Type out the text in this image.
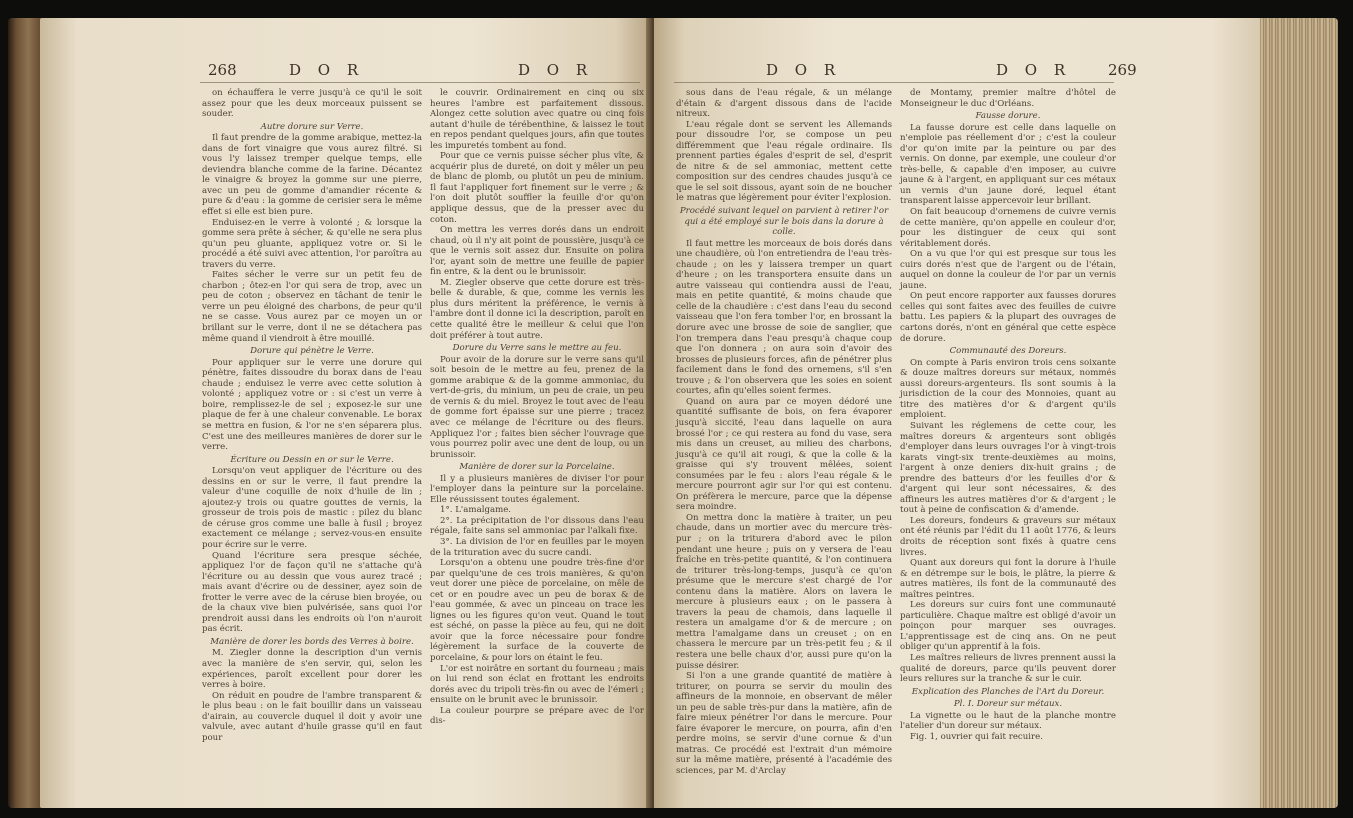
268	D O R	D O R

on échauffera le verre jusqu'à ce qu'il le soit assez pour que les deux morceaux puissent se souder.

Autre dorure sur Verre.

Il faut prendre de la gomme arabique, mettez-la dans de fort vinaigre que vous aurez filtré. Si vous l'y laissez tremper quelque temps, elle deviendra blanche comme de la farine. Décantez le vinaigre & broyez la gomme sur une pierre, avec un peu de gomme d'amandier récente & pure & d'eau : la gomme de cerisier sera le même effet si elle est bien pure.

Enduisez-en le verre à volonté ; & lorsque la gomme sera prête à sécher, & qu'elle ne sera plus qu'un peu gluante, appliquez votre or. Si le procédé a été suivi avec attention, l'or paroîtra au travers du verre.

Faites sécher le verre sur un petit feu de charbon ; ôtez-en l'or qui sera de trop, avec un peu de coton ; observez en tâchant de tenir le verre un peu éloigné des charbons, de peur qu'il ne se casse. Vous aurez par ce moyen un or brillant sur le verre, dont il ne se détachera pas même quand il viendroit à être mouillé.

Dorure qui pénètre le Verre.

Pour appliquer sur le verre une dorure qui pénètre, faites dissoudre du borax dans de l'eau chaude ; enduisez le verre avec cette solution à volonté ; appliquez votre or : si c'est un verre à boire, remplissez-le de sel ; exposez-le sur une plaque de fer à une chaleur convenable. Le borax se mettra en fusion, & l'or ne s'en séparera plus. C'est une des meilleures manières de dorer sur le verre.

Écriture ou Dessin en or sur le Verre.

Lorsqu'on veut appliquer de l'écriture ou des dessins en or sur le verre, il faut prendre la valeur d'une coquille de noix d'huile de lin ; ajoutez-y trois ou quatre gouttes de vernis, la grosseur de trois pois de mastic : pilez du blanc de céruse gros comme une balle à fusil ; broyez exactement ce mélange ; servez-vous-en ensuite pour écrire sur le verre.

Quand l'écriture sera presque séchée, appliquez l'or de façon qu'il ne s'attache qu'à l'écriture ou au dessin que vous aurez tracé ; mais avant d'écrire ou de dessiner, ayez soin de frotter le verre avec de la céruse bien broyée, ou de la chaux vive bien pulvérisée, sans quoi l'or prendroit aussi dans les endroits où l'on n'auroit pas écrit.

Manière de dorer les bords des Verres à boire.

M. Ziegler donne la description d'un vernis avec la manière de s'en servir, qui, selon les expériences, paroît excellent pour dorer les verres à boire.

On réduit en poudre de l'ambre transparent & le plus beau : on le fait bouillir dans un vaisseau d'airain, au couvercle duquel il doit y avoir une valvule, avec autant d'huile grasse qu'il en faut pour

le couvrir. Ordinairement en cinq ou six heures l'ambre est parfaitement dissous. Alongez cette solution avec quatre ou cinq fois autant d'huile de térébenthine, & laissez le tout en repos pendant quelques jours, afin que toutes les impuretés tombent au fond.

Pour que ce vernis puisse sécher plus vîte, & acquérir plus de dureté, on doit y mêler un peu de blanc de plomb, ou plutôt un peu de minium. Il faut l'appliquer fort finement sur le verre ; & l'on doit plutôt souffler la feuille d'or qu'on applique dessus, que de la presser avec du coton.

On mettra les verres dorés dans un endroit chaud, où il n'y ait point de poussière, jusqu'à ce que le vernis soit assez dur. Ensuite on polira l'or, ayant soin de mettre une feuille de papier fin entre, & la dent ou le brunissoir.

M. Ziegler observe que cette dorure est très-belle & durable, & que, comme les vernis les plus durs méritent la préférence, le vernis à l'ambre dont il donne ici la description, paroît en cette qualité être le meilleur & celui que l'on doit préférer à tout autre.

Dorure du Verre sans le mettre au feu.

Pour avoir de la dorure sur le verre sans qu'il soit besoin de le mettre au feu, prenez de la gomme arabique & de la gomme ammoniac, du vert-de-gris, du minium, un peu de craie, un peu de vernis & du miel. Broyez le tout avec de l'eau de gomme fort épaisse sur une pierre ; tracez avec ce mélange de l'écriture ou des fleurs. Appliquez l'or ; faites bien sécher l'ouvrage que vous pourrez polir avec une dent de loup, ou un brunissoir.

Manière de dorer sur la Porcelaine.

Il y a plusieurs manières de diviser l'or pour l'employer dans la peinture sur la porcelaine. Elle réussissent toutes également.

1°. L'amalgame.

2°. La précipitation de l'or dissous dans l'eau régale, faite sans sel ammoniac par l'alkali fixe.

3°. La division de l'or en feuilles par le moyen de la trituration avec du sucre candi.

Lorsqu'on a obtenu une poudre très-fine d'or par quelqu'une de ces trois manières, & qu'on veut dorer une pièce de porcelaine, on mêle de cet or en poudre avec un peu de borax & de l'eau gommée, & avec un pinceau on trace les lignes ou les figures qu'on veut. Quand le tout est séché, on passe la pièce au feu, qui ne doit avoir que la force nécessaire pour fondre légèrement la surface de la couverte de porcelaine, & pour lors on étaint le feu.

L'or est noirâtre en sortant du fourneau ; mais on lui rend son éclat en frottant les endroits dorés avec du tripoli très-fin ou avec de l'émeri ; ensuite on le brunit avec le brunissoir.

La couleur pourpre se prépare avec de l'or dis-

D O R	D O R 269

sous dans de l'eau régale, & un mélange d'étain & d'argent dissous dans de l'acide nitreux.

L'eau régale dont se servent les Allemands pour dissoudre l'or, se compose un peu différemment que l'eau régale ordinaire. Ils prennent parties égales d'esprit de sel, d'esprit de nitre & de sel ammoniac, mettent cette composition sur des cendres chaudes jusqu'à ce que le sel soit dissous, ayant soin de ne boucher le matras que légèrement pour éviter l'explosion.

Procédé suivant lequel on parvient à retirer l'or qui a été employé sur le bois dans la dorure à colle.

Il faut mettre les morceaux de bois dorés dans une chaudière, où l'on entretiendra de l'eau très-chaude ; on les y laissera tremper un quart d'heure ; on les transportera ensuite dans un autre vaisseau qui contiendra aussi de l'eau, mais en petite quantité, & moins chaude que celle de la chaudière : c'est dans l'eau du second vaisseau que l'on fera tomber l'or, en brossant la dorure avec une brosse de soie de sanglier, que l'on trempera dans l'eau presqu'à chaque coup que l'on donnera ; on aura soin d'avoir des brosses de plusieurs forces, afin de pénétrer plus facilement dans le fond des ornemens, s'il s'en trouve ; & l'on observera que les soies en soient courtes, afin qu'elles soient fermes.

Quand on aura par ce moyen dédoré une quantité suffisante de bois, on fera évaporer jusqu'à siccité, l'eau dans laquelle on aura brossé l'or ; ce qui restera au fond du vase, sera mis dans un creuset, au milieu des charbons, jusqu'à ce qu'il ait rougi, & que la colle & la graisse qui s'y trouvent mêlées, soient consumées par le feu : alors l'eau régale & le mercure pourront agir sur l'or qui est contenu. On préfèrera le mercure, parce que la dépense sera moindre.

On mettra donc la matière à traiter, un peu chaude, dans un mortier avec du mercure très-pur ; on la triturera d'abord avec le pilon pendant une heure ; puis on y versera de l'eau fraîche en très-petite quantité, & l'on continuera de triturer très-long-temps, jusqu'à ce qu'on présume que le mercure s'est chargé de l'or contenu dans la matière. Alors on lavera le mercure à plusieurs eaux ; on le passera à travers la peau de chamois, dans laquelle il restera un amalgame d'or & de mercure ; on mettra l'amalgame dans un creuset ; on en chassera le mercure par un très-petit feu ; & il restera une belle chaux d'or, aussi pure qu'on la puisse désirer.

Si l'on a une grande quantité de matière à triturer, on pourra se servir du moulin des affineurs de la monnoie, en observant de mêler un peu de sable très-pur dans la matière, afin de faire mieux pénétrer l'or dans le mercure. Pour faire évaporer le mercure, on pourra, afin d'en perdre moins, se servir d'une cornue & d'un matras. Ce procédé est l'extrait d'un mémoire sur la même matière, présenté à l'académie des sciences, par M. d'Arclay

de Montamy, premier maître d'hôtel de Monseigneur le duc d'Orléans.

Fausse dorure.

La fausse dorure est celle dans laquelle on n'emploie pas réellement d'or ; c'est la couleur d'or qu'on imite par la peinture ou par des vernis. On donne, par exemple, une couleur d'or très-belle, & capable d'en imposer, au cuivre jaune & à l'argent, en appliquant sur ces métaux un vernis d'un jaune doré, lequel étant transparent laisse appercevoir leur brillant.

On fait beaucoup d'ornemens de cuivre vernis de cette manière, qu'on appelle en couleur d'or, pour les distinguer de ceux qui sont véritablement dorés.

On a vu que l'or qui est presque sur tous les cuirs dorés n'est que de l'argent ou de l'étain, auquel on donne la couleur de l'or par un vernis jaune.

On peut encore rapporter aux fausses dorures celles qui sont faites avec des feuilles de cuivre battu. Les papiers & la plupart des ouvrages de cartons dorés, n'ont en général que cette espèce de dorure.

Communauté des Doreurs.

On compte à Paris environ trois cens soixante & douze maîtres doreurs sur métaux, nommés aussi doreurs-argenteurs. Ils sont soumis à la jurisdiction de la cour des Monnoies, quant au titre des matières d'or & d'argent qu'ils emploient.

Suivant les réglemens de cette cour, les maîtres doreurs & argenteurs sont obligés d'employer dans leurs ouvrages l'or à vingt-trois karats vingt-six trente-deuxièmes au moins, l'argent à onze deniers dix-huit grains ; de prendre des batteurs d'or les feuilles d'or & d'argent qui leur sont nécessaires, & des affineurs les autres matières d'or & d'argent ; le tout à peine de confiscation & d'amende.

Les doreurs, fondeurs & graveurs sur métaux ont été réunis par l'édit du 11 août 1776, & leurs droits de réception sont fixés à quatre cens livres.

Quant aux doreurs qui font la dorure à l'huile & en détrempe sur le bois, le plâtre, la pierre & autres matières, ils font de la communauté des maîtres peintres.

Les doreurs sur cuirs font une communauté particulière. Chaque maître est obligé d'avoir un poinçon pour marquer ses ouvrages. L'apprentissage est de cinq ans. On ne peut obliger qu'un apprentif à la fois.

Les maîtres relieurs de livres prennent aussi la qualité de doreurs, parce qu'ils peuvent dorer leurs reliures sur la tranche & sur le cuir.

Explication des Planches de l'Art du Doreur.

Pl. I. Doreur sur métaux.

La vignette ou le haut de la planche montre l'atelier d'un doreur sur métaux.

Fig. 1, ouvrier qui fait recuire.
